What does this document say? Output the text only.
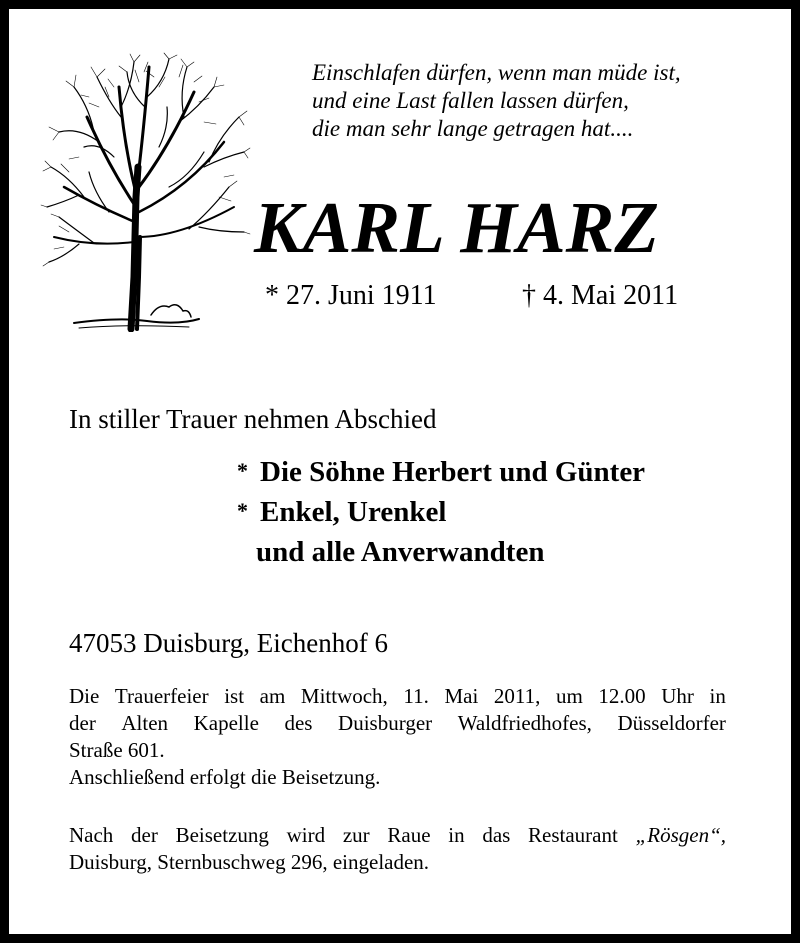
Einschlafen dürfen, wenn man müde ist,
und eine Last fallen lassen dürfen,
die man sehr lange getragen hat....
KARL HARZ
* 27. Juni 1911	† 4. Mai 2011
In stiller Trauer nehmen Abschied
* Die Söhne Herbert und Günter
* Enkel, Urenkel
und alle Anverwandten
47053 Duisburg, Eichenhof 6
Die Trauerfeier ist am Mittwoch, 11. Mai 2011, um 12.00 Uhr in
der Alten Kapelle des Duisburger Waldfriedhofes, Düsseldorfer
Straße 601.
Anschließend erfolgt die Beisetzung.
Nach der Beisetzung wird zur Raue in das Restaurant „Rösgen“,
Duisburg, Sternbuschweg 296, eingeladen.
